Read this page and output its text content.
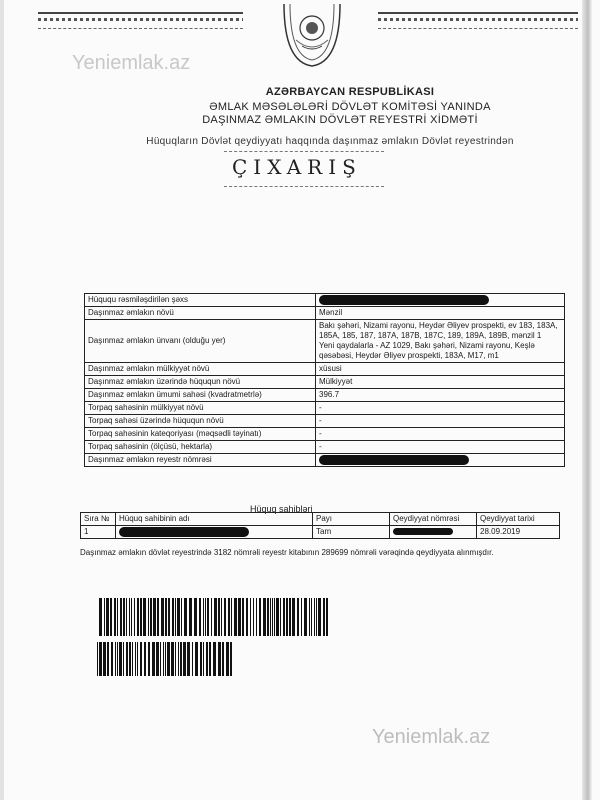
Yeniemlak.az
AZƏRBAYCAN RESPUBLİKASI
ƏMLAK MƏSƏLƏLƏRİ DÖVLƏT KOMİTƏSİ YANINDA
DAŞINMAZ ƏMLAKIN DÖVLƏT REYESTRİ XİDMƏTİ
Hüquqların Dövlət qeydiyyatı haqqında daşınmaz əmlakın Dövlət reyestrindən
ÇIXARIŞ
Hüququ rəsmiləşdirilən şəxs	
Daşınmaz əmlakın növü	Mənzil
Daşınmaz əmlakın ünvanı (olduğu yer)	Bakı şəhəri, Nizami rayonu, Heydər Əliyev prospekti, ev 183, 183A, 185A, 185, 187, 187A, 187B, 187C, 189, 189A, 189B, mənzil 1
Yeni qaydalarla - AZ 1029, Bakı şəhəri, Nizami rayonu, Keşlə qəsəbəsi, Heydər Əliyev prospekti, 183A, M17, m1

Daşınmaz əmlakın mülkiyyət növü	xüsusi
Daşınmaz əmlakın üzərində hüququn növü	Mülkiyyət
Daşınmaz əmlakın ümumi sahəsi (kvadratmetrlə)	396.7
Torpaq sahəsinin mülkiyyət növü	-
Torpaq sahəsi üzərində hüququn növü	-
Torpaq sahəsinin kateqoriyası (məqsədli təyinatı)	-
Torpaq sahəsinin (ölçüsü, hektarla)	-
Daşınmaz əmlakın reyestr nömrəsi	
Hüquq sahibləri
Sıra №	Hüquq sahibinin adı	Payı	Qeydiyyat nömrəsi	Qeydiyyat tarixi
1		Tam		28.09.2019
Daşınmaz əmlakın dövlət reyestrində 3182 nömrəli reyestr kitabının 289699 nömrəli vərəqində qeydiyyata alınmışdır.
Yeniemlak.az
